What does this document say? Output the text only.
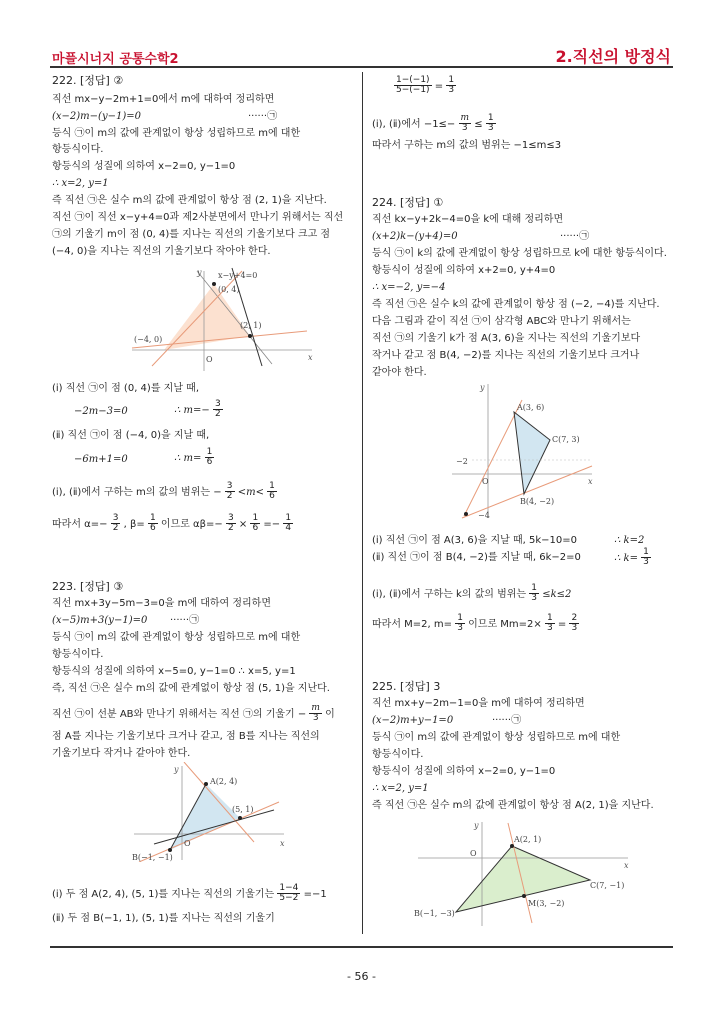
마플시너지 공통수학2	2.직선의 방정식
222. [정답] ②
직선 mx−y−2m+1=0에서 m에 대하여 정리하면
(x−2)m−(y−1)=0	······㉠
등식 ㉠이 m의 값에 관계없이 항상 성립하므로 m에 대한
항등식이다.
항등식의 성질에 의하여 x−2=0, y−1=0
∴ x=2, y=1
즉 직선 ㉠은 실수 m의 값에 관계없이 항상 점 (2, 1)을 지난다.
직선 ㉠이 직선 x−y+4=0과 제2사분면에서 만나기 위해서는 직선
㉠의 기울기 m이 점 (0, 4)를 지나는 직선의 기울기보다 크고 점
(−4, 0)을 지나는 직선의 기울기보다 작아야 한다.
x−y+4=0
(0, 4)
(2, 1)
(−4, 0)
O	x
y
(ⅰ) 직선 ㉠이 점 (0, 4)를 지날 때,
−2m−3=0	∴ $m=- \frac{3}{2}$
(ⅱ) 직선 ㉠이 점 (−4, 0)을 지날 때,
−6m+1=0	∴ $m= \frac{1}{6}$
(ⅰ), (ⅱ)에서 구하는 m의 값의 범위는 − $\frac{3}{2} <m< \frac{1}{6}$
따라서 $\alpha=- \frac{3}{2}$ , $\beta= \frac{1}{6}$ 이므로 $\alpha\beta=- \frac{3}{2} \times \frac{1}{6} =- \frac{1}{4}$
223. [정답] ③
직선 mx+3y−5m−3=0을 m에 대하여 정리하면
(x−5)m+3(y−1)=0 ······㉠
등식 ㉠이 m의 값에 관계없이 항상 성립하므로 m에 대한
항등식이다.
항등식의 성질에 의하여 x−5=0, y−1=0 ∴ x=5, y=1
즉, 직선 ㉠은 실수 m의 값에 관계없이 항상 점 (5, 1)을 지난다.
직선 ㉠이 선분 AB와 만나기 위해서는 직선 ㉠의 기울기 − $\frac{m}{3}$ 이
점 A를 지나는 기울기보다 크거나 같고, 점 B를 지나는 직선의
기울기보다 작거나 같아야 한다.
A(2, 4)
(5, 1)
B(−1, −1)
O	x
y
(ⅰ) 두 점 A(2, 4), (5, 1)를 지나는 직선의 기울기는 $\frac{1-4}{5-2} =-1$
(ⅱ) 두 점 B(−1, 1), (5, 1)를 지나는 직선의 기울기
$\frac{1-(-1)}{5-(-1)} = \frac{1}{3}$
(ⅰ), (ⅱ)에서 $-1\le- \frac{m}{3} \le \frac{1}{3}$
따라서 구하는 m의 값의 범위는 −1≤m≤3
224. [정답] ①
직선 kx−y+2k−4=0을 k에 대해 정리하면
(x+2)k−(y+4)=0	······㉠
등식 ㉠이 k의 값에 관계없이 항상 성립하므로 k에 대한 항등식이다.
항등식이 성질에 의하여 x+2=0, y+4=0
∴ x=−2, y=−4
즉 직선 ㉠은 실수 k의 값에 관계없이 항상 점 (−2, −4)를 지난다.
다음 그림과 같이 직선 ㉠이 삼각형 ABC와 만나기 위해서는
직선 ㉠의 기울기 k가 점 A(3, 6)을 지나는 직선의 기울기보다
작거나 같고 점 B(4, −2)를 지나는 직선의 기울기보다 크거나
같아야 한다.
A(3, 6)
C(7, 3)
B(4, −2)
−2
−4
O	x
y
(ⅰ) 직선 ㉠이 점 A(3, 6)을 지날 때, 5k−10=0	∴ k=2
(ⅱ) 직선 ㉠이 점 B(4, −2)를 지날 때, 6k−2=0	∴ $k= \frac{1}{3}$
(ⅰ), (ⅱ)에서 구하는 k의 값의 범위는 $\frac{1}{3} \le k\le 2$
따라서 M=2, $m= \frac{1}{3}$ 이므로 $Mm=2\times \frac{1}{3} = \frac{2}{3}$
225. [정답] 3
직선 mx+y−2m−1=0을 m에 대하여 정리하면
(x−2)m+y−1=0	······㉠
등식 ㉠이 m의 값에 관계없이 항상 성립하므로 m에 대한
항등식이다.
항등식이 성질에 의하여 x−2=0, y−1=0
∴ x=2, y=1
즉 직선 ㉠은 실수 m의 값에 관계없이 항상 점 A(2, 1)을 지난다.
A(2, 1)
C(7, −1)
M(3, −2)
B(−1, −3)
O
x
y
- 56 -
